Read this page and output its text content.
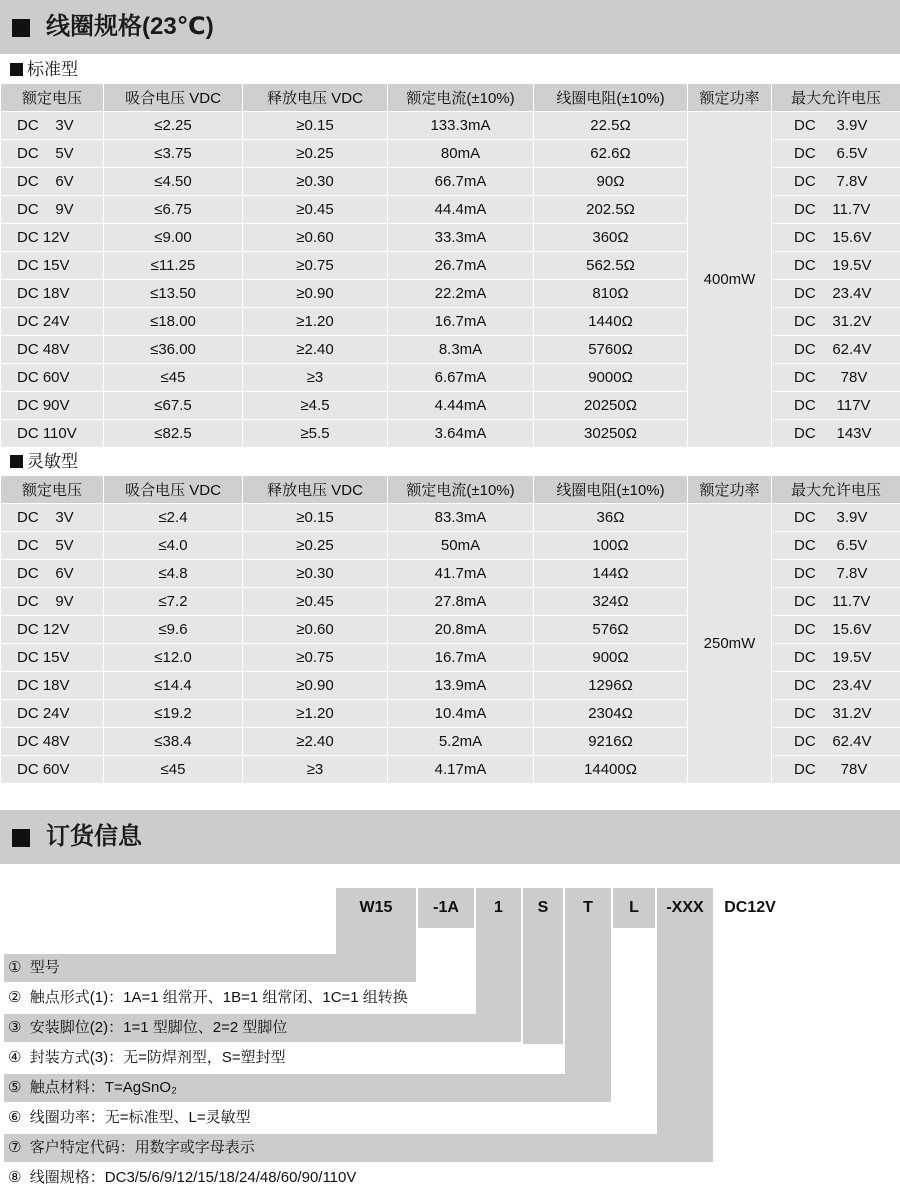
线圈规格(23℃)
标准型
额定电压	吸合电压 VDC	释放电压 VDC	额定电流(±10%)	线圈电阻(±10%)	额定功率	最大允许电压
DC    3V	≤2.25	≥0.15	133.3mA	22.5Ω	400mW	DC     3.9V
DC    5V	≤3.75	≥0.25	80mA	62.6Ω		DC     6.5V
DC    6V	≤4.50	≥0.30	66.7mA	90Ω		DC     7.8V
DC    9V	≤6.75	≥0.45	44.4mA	202.5Ω		DC    11.7V
DC 12V	≤9.00	≥0.60	33.3mA	360Ω		DC    15.6V
DC 15V	≤11.25	≥0.75	26.7mA	562.5Ω		DC    19.5V
DC 18V	≤13.50	≥0.90	22.2mA	810Ω		DC    23.4V
DC 24V	≤18.00	≥1.20	16.7mA	1440Ω		DC    31.2V
DC 48V	≤36.00	≥2.40	8.3mA	5760Ω		DC    62.4V
DC 60V	≤45	≥3	6.67mA	9000Ω		DC      78V
DC 90V	≤67.5	≥4.5	4.44mA	20250Ω		DC     117V
DC 110V	≤82.5	≥5.5	3.64mA	30250Ω		DC     143V
灵敏型
额定电压	吸合电压 VDC	释放电压 VDC	额定电流(±10%)	线圈电阻(±10%)	额定功率	最大允许电压
DC    3V	≤2.4	≥0.15	83.3mA	36Ω	250mW	DC     3.9V
DC    5V	≤4.0	≥0.25	50mA	100Ω		DC     6.5V
DC    6V	≤4.8	≥0.30	41.7mA	144Ω		DC     7.8V
DC    9V	≤7.2	≥0.45	27.8mA	324Ω		DC    11.7V
DC 12V	≤9.6	≥0.60	20.8mA	576Ω		DC    15.6V
DC 15V	≤12.0	≥0.75	16.7mA	900Ω		DC    19.5V
DC 18V	≤14.4	≥0.90	13.9mA	1296Ω		DC    23.4V
DC 24V	≤19.2	≥1.20	10.4mA	2304Ω		DC    31.2V
DC 48V	≤38.4	≥2.40	5.2mA	9216Ω		DC    62.4V
DC 60V	≤45	≥3	4.17mA	14400Ω		DC      78V
订货信息
W15	-1A	1	S	T	L	-XXX	DC12V
①  型号
②  触点形式(1)：1A=1 组常开、1B=1 组常闭、1C=1 组转换
③  安装脚位(2)：1=1 型脚位、2=2 型脚位
④  封装方式(3)：无=防焊剂型，S=塑封型
⑤  触点材料：T=AgSnO₂
⑥  线圈功率：无=标准型、L=灵敏型
⑦  客户特定代码：用数字或字母表示
⑧  线圈规格：DC3/5/6/9/12/15/18/24/48/60/90/110V
